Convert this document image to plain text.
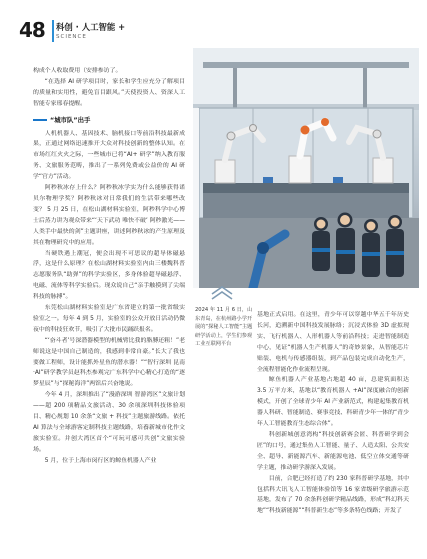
48 科创 · 人工智能 +
SCIENCE

构成个人收取费用（安排参访了。

“在选择 AI 研学项目时，家长和学生应充分了解项目的质量和实用性，避免盲目跟风。”天使投资人、资深人工智能专家邢春提醒。

“城市队”出手

人机机器人、基因技术、脑机接口等前沿科技最新成果，正通过网络迅速推开大众对科技创新的整体认知。在市场红红火火之际，一些城市已将“AI+ 研学”纳入教育服务、文旅服务范畴，推出了一系列免费或公益价的 AI 研学“官方”活动。

阿秒秋冰存上什么？阿秒秋冰学实为什么能够获得诺贝尔物理学奖？阿秒秋冰对日常我们的生活带来哪些改变？ 5 月 25 日，在松山湖材料实验室，阿秒科学中心博士后蒸力讲为观众带来“‘天下武功 唯快不破’ 阿秒激光——人类手中最快的剑”主题讲座，讲述阿秒秋冰的产生原理及其在物理研究中的应用。

当硬铁遇上潮冠，便会出现不可思议的超导体磁悬浮，这是什么原理？在松山湖材料实验室内由三楼魏科普志愿服务队“助弹”的科学实验区，多身体验超导磁悬浮、电磁、流体等科学实验后。现众说自己“亲手触摸到了尖端科技的脉搏”。

东莞松山湖材料实验室是广东省建立的第一批省级实验室之一。每年 4 到 5 月，实验室的公众开放日活动仍微夜中的科技狂欢节，吸引了大批市民踊跃报名。

“‘奋斗者’号深潜器模型的机械臂比我的胳膊还粗！”老师说这是中国自己制造的，我感到非常自豪。”长大了我也要做工程师，设计能抓外星鱼的潜水器！”“智行深圳 昆南·AI”研学教学员赵科杰参观完广东科学中心精心打造的“逐梦星辰”与“探秘海洋”两馆后兴奋地说。

今年 4 月，深圳推出了“漫游深圳 智游湾区”文旅计划——超 200 项精品文旅活动、30 余项深圳科技体验项目、精心规划 10 余条“文旅 + 科技”主题旅游线路。依托 AI 算法与全球游客定制科技主题线路，培養新城市化作文旅实验室。并创大湾区首个“可玩可感可共创”文旅实验场。

5 月，位于上海市闵行区的鲸鱼机器人产业

2024 年 11 月 6 日，山东青岛，在杭州路小学开展的“探秘人工智能”主题研学活动上，学生们参观工业互联网平台

基地正式启用。在这里，青少年可以穿越中华五千年历史长河，追溯新中国科技发展脉络；沉浸式体验 3D 虚拟现实、飞行机器人、人形机器人等前沿科技；走进智能制造中心，见证“机器人生产机器人”的奇妙景象，从智能芯片贴装、电机与传感器组装，到产品包装完成自动化生产，全流程智能化作业流程呈现。

鲸鱼机器人产业基地占地超 40 亩，总建筑面积达 3.5 万平方米，基地以“教育机器人 +AI”深度融合的创新模式，开创了全球青少年 AI 产业新范式，构建起集教育机器人科研、智能制造、赛事竞技、科研青少年一体的“青少年人工智能教育生态综合体”。

科创新城创意湾构“科技创新赛会匿、科普研学到会匠”的口号，通过集鱼人工智能、量子、人造太阳、公共安全、超导、新能源汽车、新能源电池、低空立体交通等研学主题，推动研学游深入发展。

目前，合肥已经打造了约 230 家科普研学基地，其中包括科大讯飞人工智能体验馆等 16 家省级研学旅游示范基地，发布了 70 余条科创研学精品线路，形成“科幻科天地”“科技新能源”“科普新生态”等多条特色线路；开发了
